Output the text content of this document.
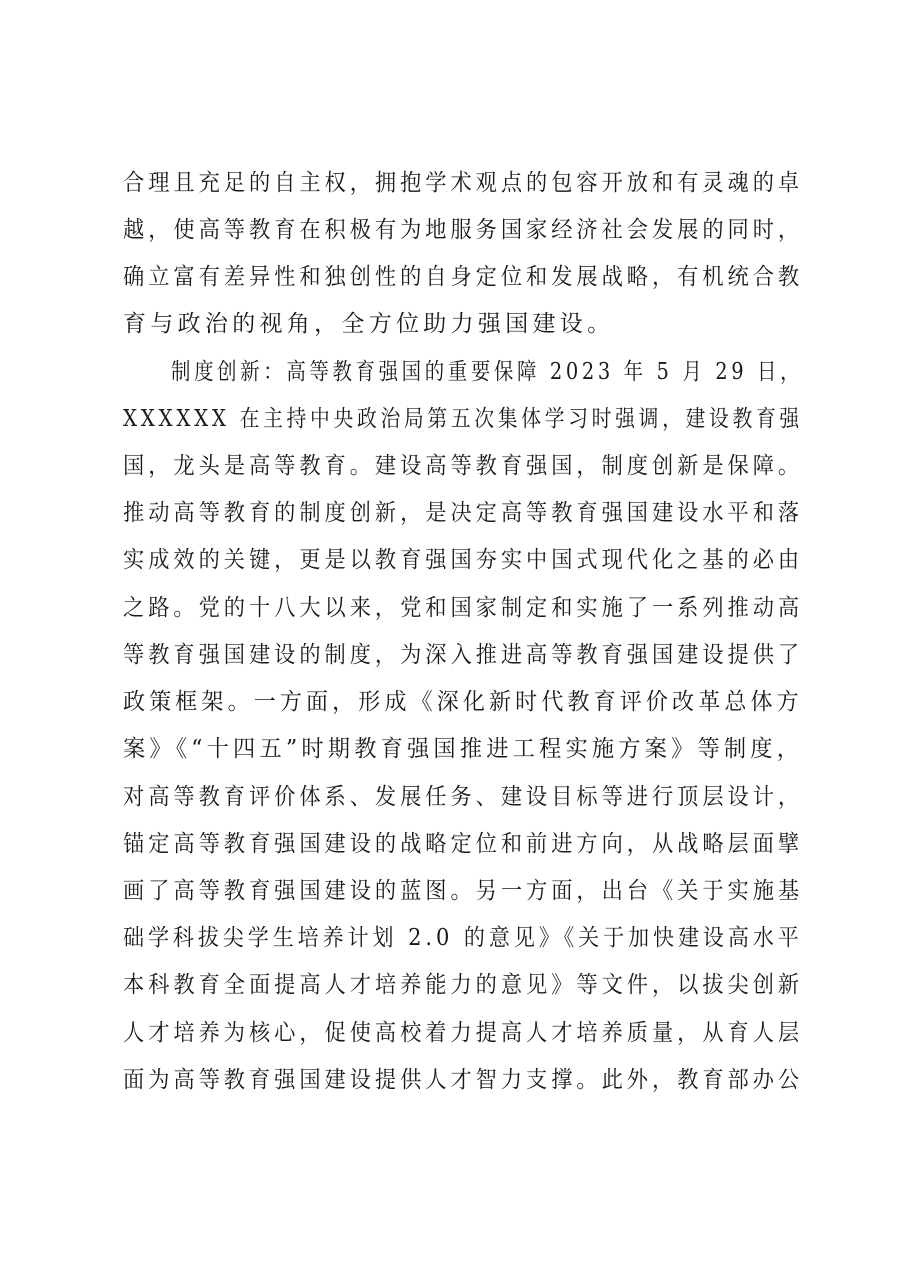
合理且充足的自主权，拥抱学术观点的包容开放和有灵魂的卓
越，使高等教育在积极有为地服务国家经济社会发展的同时，
确立富有差异性和独创性的自身定位和发展战略，有机统合教
育与政治的视角，全方位助力强国建设。
制度创新：高等教育强国的重要保障 2023 年 5 月 29 日，
XXXXXX 在主持中央政治局第五次集体学习时强调，建设教育强
国，龙头是高等教育。建设高等教育强国，制度创新是保障。
推动高等教育的制度创新，是决定高等教育强国建设水平和落
实成效的关键，更是以教育强国夯实中国式现代化之基的必由
之路。党的十八大以来，党和国家制定和实施了一系列推动高
等教育强国建设的制度，为深入推进高等教育强国建设提供了
政策框架。一方面，形成《深化新时代教育评价改革总体方
案》《“十四五”时期教育强国推进工程实施方案》等制度，
对高等教育评价体系、发展任务、建设目标等进行顶层设计，
锚定高等教育强国建设的战略定位和前进方向，从战略层面擘
画了高等教育强国建设的蓝图。另一方面，出台《关于实施基
础学科拔尖学生培养计划 2.0 的意见》《关于加快建设高水平
本科教育全面提高人才培养能力的意见》等文件，以拔尖创新
人才培养为核心，促使高校着力提高人才培养质量，从育人层
面为高等教育强国建设提供人才智力支撑。此外，教育部办公
